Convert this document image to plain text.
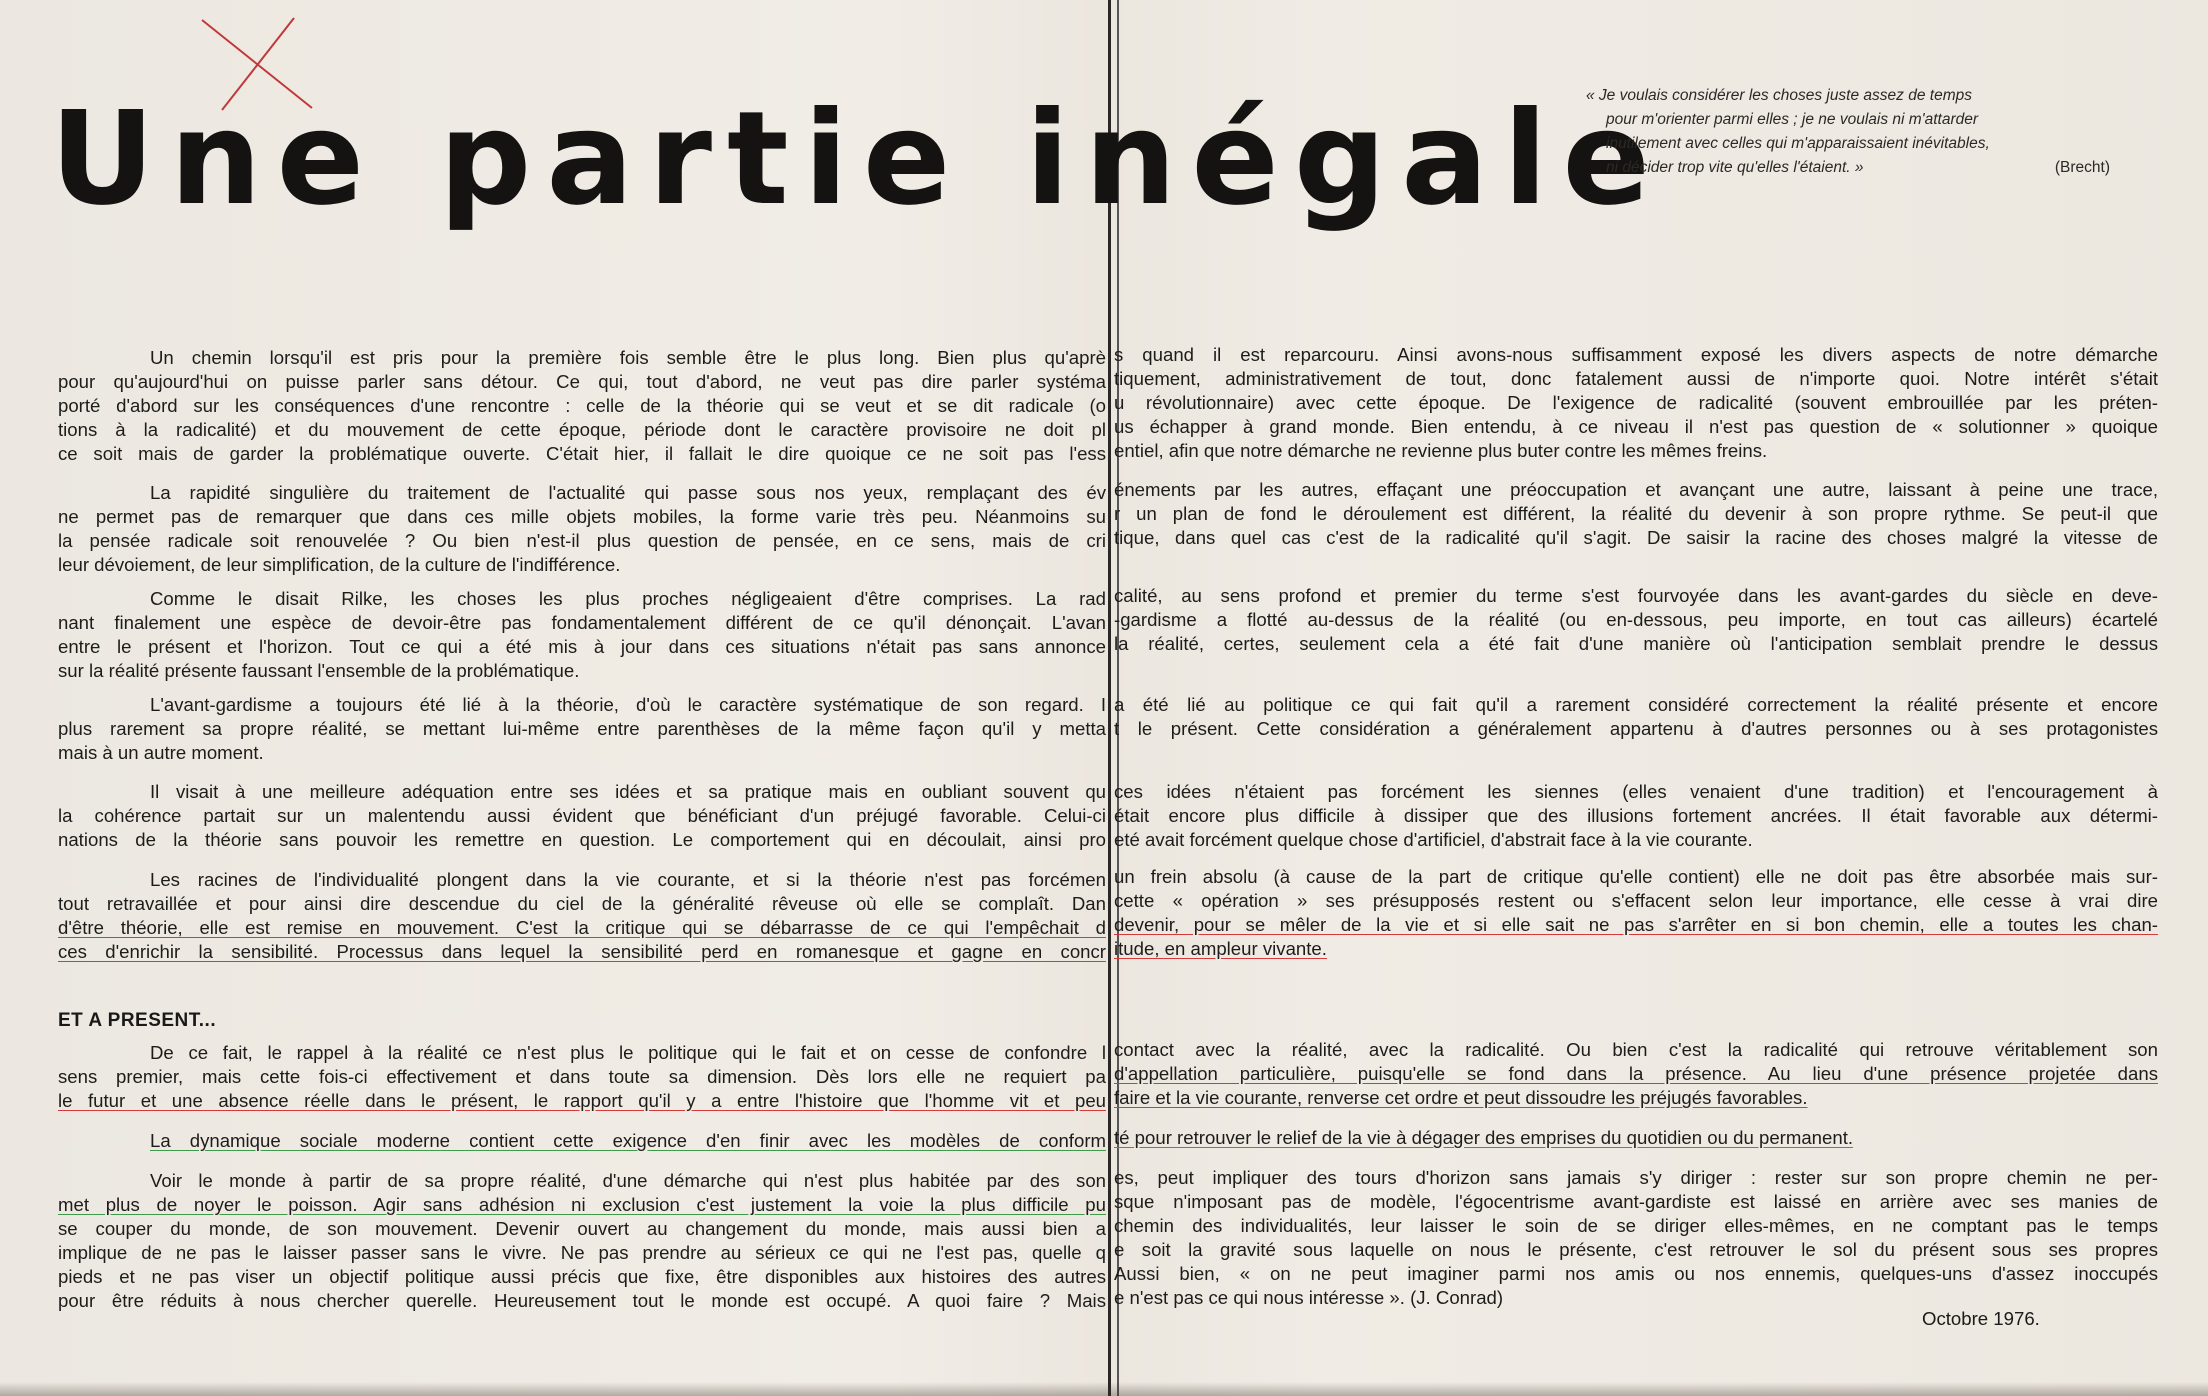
Une partie inégale
« Je voulais considérer les choses juste assez de temps
pour m'orienter parmi elles ; je ne voulais ni m'attarder
inutilement avec celles qui m'apparaissaient inévitables,
ni décider trop vite qu'elles l'étaient. »	(Brecht)
Un chemin lorsqu'il est pris pour la première fois semble être le plus long. Bien plus qu'aprè
pour qu'aujourd'hui on puisse parler sans détour. Ce qui, tout d'abord, ne veut pas dire parler systéma
porté d'abord sur les conséquences d'une rencontre : celle de la théorie qui se veut et se dit radicale (o
tions à la radicalité) et du mouvement de cette époque, période dont le caractère provisoire ne doit pl
ce soit mais de garder la problématique ouverte. C'était hier, il fallait le dire quoique ce ne soit pas l'ess
La rapidité singulière du traitement de l'actualité qui passe sous nos yeux, remplaçant des év
ne permet pas de remarquer que dans ces mille objets mobiles, la forme varie très peu. Néanmoins su
la pensée radicale soit renouvelée ? Ou bien n'est-il plus question de pensée, en ce sens, mais de cri
leur dévoiement, de leur simplification, de la culture de l'indifférence.
Comme le disait Rilke, les choses les plus proches négligeaient d'être comprises. La rad
nant finalement une espèce de devoir-être pas fondamentalement différent de ce qu'il dénonçait. L'avan
entre le présent et l'horizon. Tout ce qui a été mis à jour dans ces situations n'était pas sans annonce
sur la réalité présente faussant l'ensemble de la problématique.
L'avant-gardisme a toujours été lié à la théorie, d'où le caractère systématique de son regard. I
plus rarement sa propre réalité, se mettant lui-même entre parenthèses de la même façon qu'il y metta
mais à un autre moment.
Il visait à une meilleure adéquation entre ses idées et sa pratique mais en oubliant souvent qu
la cohérence partait sur un malentendu aussi évident que bénéficiant d'un préjugé favorable. Celui-ci
nations de la théorie sans pouvoir les remettre en question. Le comportement qui en découlait, ainsi pro
Les racines de l'individualité plongent dans la vie courante, et si la théorie n'est pas forcémen
tout retravaillée et pour ainsi dire descendue du ciel de la généralité rêveuse où elle se complaît. Dan
d'être théorie, elle est remise en mouvement. C'est la critique qui se débarrasse de ce qui l'empêchait d
ces d'enrichir la sensibilité. Processus dans lequel la sensibilité perd en romanesque et gagne en concr
De ce fait, le rappel à la réalité ce n'est plus le politique qui le fait et on cesse de confondre l
sens premier, mais cette fois-ci effectivement et dans toute sa dimension. Dès lors elle ne requiert pa
le futur et une absence réelle dans le présent, le rapport qu'il y a entre l'histoire que l'homme vit et peu
La dynamique sociale moderne contient cette exigence d'en finir avec les modèles de conform
Voir le monde à partir de sa propre réalité, d'une démarche qui n'est plus habitée par des son
met plus de noyer le poisson. Agir sans adhésion ni exclusion c'est justement la voie la plus difficile pu
se couper du monde, de son mouvement. Devenir ouvert au changement du monde, mais aussi bien a
implique de ne pas le laisser passer sans le vivre. Ne pas prendre au sérieux ce qui ne l'est pas, quelle q
pieds et ne pas viser un objectif politique aussi précis que fixe, être disponibles aux histoires des autres
pour être réduits à nous chercher querelle. Heureusement tout le monde est occupé. A quoi faire ? Mais
ET A PRESENT...
s quand il est reparcouru. Ainsi avons-nous suffisamment exposé les divers aspects de notre démarche
tiquement, administrativement de tout, donc fatalement aussi de n'importe quoi. Notre intérêt s'était
u révolutionnaire) avec cette époque. De l'exigence de radicalité (souvent embrouillée par les préten-
us échapper à grand monde. Bien entendu, à ce niveau il n'est pas question de « solutionner » quoique
entiel, afin que notre démarche ne revienne plus buter contre les mêmes freins.
énements par les autres, effaçant une préoccupation et avançant une autre, laissant à peine une trace,
r un plan de fond le déroulement est différent, la réalité du devenir à son propre rythme. Se peut-il que
tique, dans quel cas c'est de la radicalité qu'il s'agit. De saisir la racine des choses malgré la vitesse de
calité, au sens profond et premier du terme s'est fourvoyée dans les avant-gardes du siècle en deve-
-gardisme a flotté au-dessus de la réalité (ou en-dessous, peu importe, en tout cas ailleurs) écartelé
la réalité, certes, seulement cela a été fait d'une manière où l'anticipation semblait prendre le dessus
a été lié au politique ce qui fait qu'il a rarement considéré correctement la réalité présente et encore
t le présent. Cette considération a généralement appartenu à d'autres personnes ou à ses protagonistes
ces idées n'étaient pas forcément les siennes (elles venaient d'une tradition) et l'encouragement à
était encore plus difficile à dissiper que des illusions fortement ancrées. Il était favorable aux détermi-
eté avait forcément quelque chose d'artificiel, d'abstrait face à la vie courante.
un frein absolu (à cause de la part de critique qu'elle contient) elle ne doit pas être absorbée mais sur-
cette « opération » ses présupposés restent ou s'effacent selon leur importance, elle cesse à vrai dire
devenir, pour se mêler de la vie et si elle sait ne pas s'arrêter en si bon chemin, elle a toutes les chan-
itude, en ampleur vivante.
contact avec la réalité, avec la radicalité. Ou bien c'est la radicalité qui retrouve véritablement son
d'appellation particulière, puisqu'elle se fond dans la présence. Au lieu d'une présence projetée dans
faire et la vie courante, renverse cet ordre et peut dissoudre les préjugés favorables.
té pour retrouver le relief de la vie à dégager des emprises du quotidien ou du permanent.
es, peut impliquer des tours d'horizon sans jamais s'y diriger : rester sur son propre chemin ne per-
sque n'imposant pas de modèle, l'égocentrisme avant-gardiste est laissé en arrière avec ses manies de
chemin des individualités, leur laisser le soin de se diriger elles-mêmes, en ne comptant pas le temps
e soit la gravité sous laquelle on nous le présente, c'est retrouver le sol du présent sous ses propres
Aussi bien, « on ne peut imaginer parmi nos amis ou nos ennemis, quelques-uns d'assez inoccupés
e n'est pas ce qui nous intéresse ». (J. Conrad)
Octobre 1976.
